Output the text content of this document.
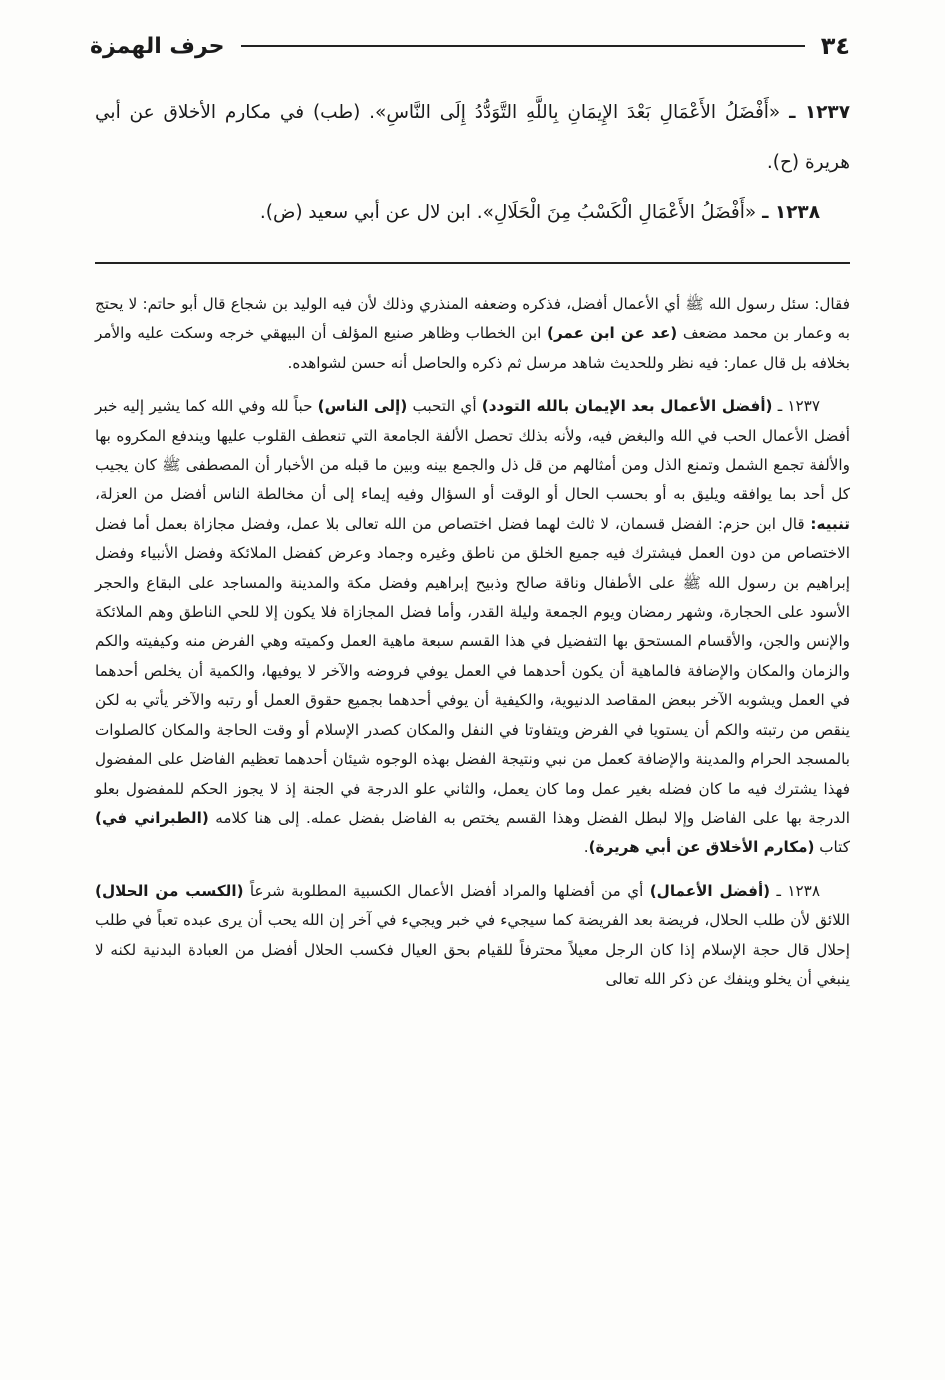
٣٤
حرف الهمزة

١٢٣٧ ـ «أَفْضَلُ الأَعْمَالِ بَعْدَ الإِيمَانِ بِاللَّهِ التَّوَدُّدُ إِلَى النَّاسِ». (طب) في مكارم الأخلاق عن أبي هريرة (ح).

١٢٣٨ ـ «أَفْضَلُ الأَعْمَالِ الْكَسْبُ مِنَ الْحَلَالِ». ابن لال عن أبي سعيد (ض).

فقال: سئل رسول الله ﷺ أي الأعمال أفضل، فذكره وضعفه المنذري وذلك لأن فيه الوليد بن شجاع قال أبو حاتم: لا يحتج به وعمار بن محمد مضعف (عد عن ابن عمر) ابن الخطاب وظاهر صنيع المؤلف أن البيهقي خرجه وسكت عليه والأمر بخلافه بل قال عمار: فيه نظر وللحديث شاهد مرسل ثم ذكره والحاصل أنه حسن لشواهده.

١٢٣٧ ـ (أفضل الأعمال بعد الإيمان بالله التودد) أي التحبب (إلى الناس) حباً لله وفي الله كما يشير إليه خبر أفضل الأعمال الحب في الله والبغض فيه، ولأنه بذلك تحصل الألفة الجامعة التي تنعطف القلوب عليها ويندفع المكروه بها والألفة تجمع الشمل وتمنع الذل ومن أمثالهم من قل ذل والجمع بينه وبين ما قبله من الأخبار أن المصطفى ﷺ كان يجيب كل أحد بما يوافقه ويليق به أو بحسب الحال أو الوقت أو السؤال وفيه إيماء إلى أن مخالطة الناس أفضل من العزلة، تنبيه: قال ابن حزم: الفضل قسمان، لا ثالث لهما فضل اختصاص من الله تعالى بلا عمل، وفضل مجازاة بعمل أما فضل الاختصاص من دون العمل فيشترك فيه جميع الخلق من ناطق وغيره وجماد وعرض كفضل الملائكة وفضل الأنبياء وفضل إبراهيم بن رسول الله ﷺ على الأطفال وناقة صالح وذبيح إبراهيم وفضل مكة والمدينة والمساجد على البقاع والحجر الأسود على الحجارة، وشهر رمضان ويوم الجمعة وليلة القدر، وأما فضل المجازاة فلا يكون إلا للحي الناطق وهم الملائكة والإنس والجن، والأقسام المستحق بها التفضيل في هذا القسم سبعة ماهية العمل وكميته وهي الفرض منه وكيفيته والكم والزمان والمكان والإضافة فالماهية أن يكون أحدهما في العمل يوفي فروضه والآخر لا يوفيها، والكمية أن يخلص أحدهما في العمل ويشوبه الآخر ببعض المقاصد الدنيوية، والكيفية أن يوفي أحدهما بجميع حقوق العمل أو رتبه والآخر يأتي به لكن ينقص من رتبته والكم أن يستويا في الفرض ويتفاوتا في النفل والمكان كصدر الإسلام أو وقت الحاجة والمكان كالصلوات بالمسجد الحرام والمدينة والإضافة كعمل من نبي ونتيجة الفضل بهذه الوجوه شيئان أحدهما تعظيم الفاضل على المفضول فهذا يشترك فيه ما كان فضله بغير عمل وما كان يعمل، والثاني علو الدرجة في الجنة إذ لا يجوز الحكم للمفضول بعلو الدرجة بها على الفاضل وإلا لبطل الفضل وهذا القسم يختص به الفاضل بفضل عمله. إلى هنا كلامه (الطبراني في) كتاب (مكارم الأخلاق عن أبي هريرة).

١٢٣٨ ـ (أفضل الأعمال) أي من أفضلها والمراد أفضل الأعمال الكسبية المطلوبة شرعاً (الكسب من الحلال) اللائق لأن طلب الحلال، فريضة بعد الفريضة كما سيجيء في خبر ويجيء في آخر إن الله يحب أن يرى عبده تعباً في طلب إحلال قال حجة الإسلام إذا كان الرجل معيلاً محترفاً للقيام بحق العيال فكسب الحلال أفضل من العبادة البدنية لكنه لا ينبغي أن يخلو وينفك عن ذكر الله تعالى
